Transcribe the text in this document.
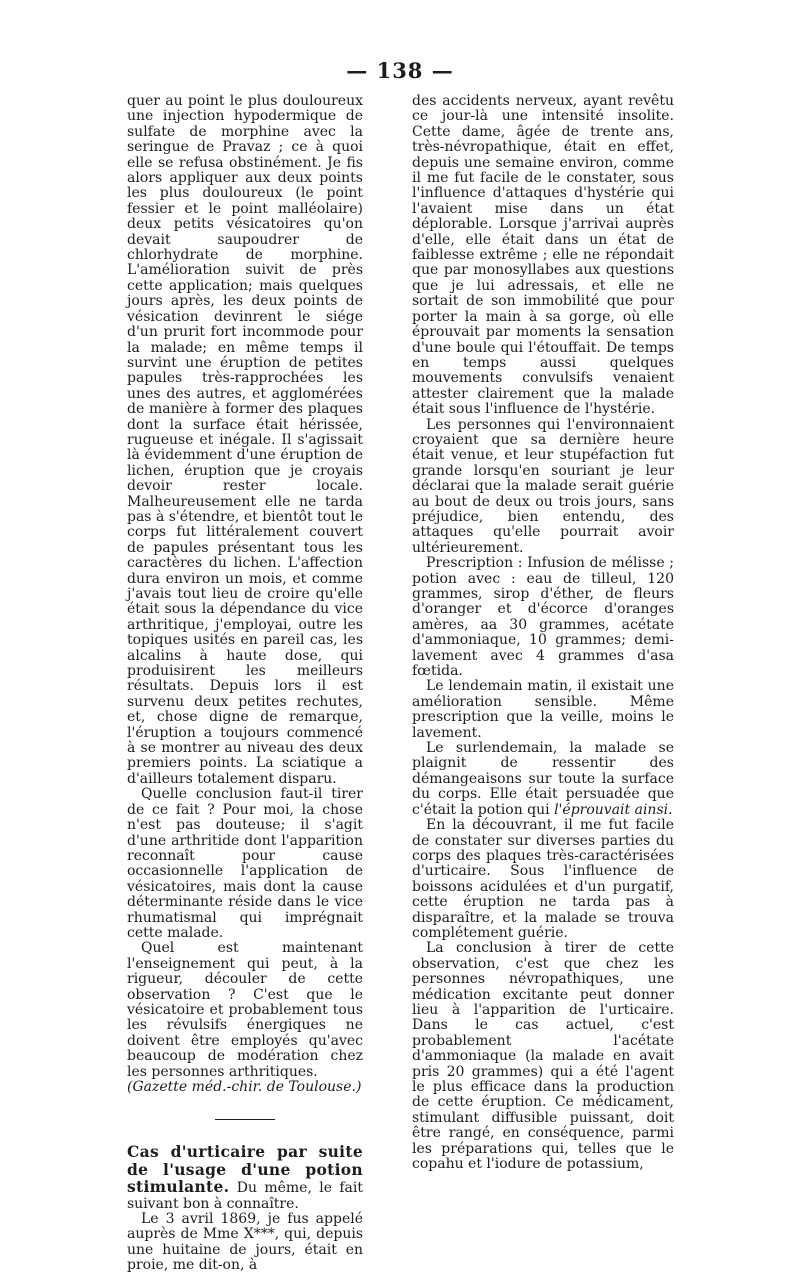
— 138 —

quer au point le plus douloureux une injection hypodermique de sulfate de morphine avec la seringue de Pravaz ; ce à quoi elle se refusa obstinément. Je fis alors appliquer aux deux points les plus douloureux (le point fessier et le point malléolaire) deux petits vésicatoires qu'on devait saupoudrer de chlorhydrate de morphine. L'amélioration suivit de près cette application; mais quelques jours après, les deux points de vésication devinrent le siége d'un prurit fort incommode pour la malade; en même temps il survint une éruption de petites papules très-rapprochées les unes des autres, et agglomérées de manière à former des plaques dont la surface était hérissée, rugueuse et inégale. Il s'agissait là évidemment d'une éruption de lichen, éruption que je croyais devoir rester locale. Malheureusement elle ne tarda pas à s'étendre, et bientôt tout le corps fut littéralement couvert de papules présentant tous les caractères du lichen. L'affection dura environ un mois, et comme j'avais tout lieu de croire qu'elle était sous la dépendance du vice arthritique, j'employai, outre les topiques usités en pareil cas, les alcalins à haute dose, qui produisirent les meilleurs résultats. Depuis lors il est survenu deux petites rechutes, et, chose digne de remarque, l'éruption a toujours commencé à se montrer au niveau des deux premiers points. La sciatique a d'ailleurs totalement disparu.

Quelle conclusion faut-il tirer de ce fait ? Pour moi, la chose n'est pas douteuse; il s'agit d'une arthritide dont l'apparition reconnaît pour cause occasionnelle l'application de vésicatoires, mais dont la cause déterminante réside dans le vice rhumatismal qui imprégnait cette malade.

Quel est maintenant l'enseignement qui peut, à la rigueur, découler de cette observation ? C'est que le vésicatoire et probablement tous les révulsifs énergiques ne doivent être employés qu'avec beaucoup de modération chez les personnes arthritiques.

(Gazette méd.-chir. de Toulouse.)

Cas d'urticaire par suite de l'usage d'une potion stimulante. Du même, le fait suivant bon à connaître.

Le 3 avril 1869, je fus appelé auprès de Mme X***, qui, depuis une huitaine de jours, était en proie, me dit-on, à

des accidents nerveux, ayant revêtu ce jour-là une intensité insolite. Cette dame, âgée de trente ans, très-névropathique, était en effet, depuis une semaine environ, comme il me fut facile de le constater, sous l'influence d'attaques d'hystérie qui l'avaient mise dans un état déplorable. Lorsque j'arrivai auprès d'elle, elle était dans un état de faiblesse extrême ; elle ne répondait que par monosyllabes aux questions que je lui adressais, et elle ne sortait de son immobilité que pour porter la main à sa gorge, où elle éprouvait par moments la sensation d'une boule qui l'étouffait. De temps en temps aussi quelques mouvements convulsifs venaient attester clairement que la malade était sous l'influence de l'hystérie.

Les personnes qui l'environnaient croyaient que sa dernière heure était venue, et leur stupéfaction fut grande lorsqu'en souriant je leur déclarai que la malade serait guérie au bout de deux ou trois jours, sans préjudice, bien entendu, des attaques qu'elle pourrait avoir ultérieurement.

Prescription : Infusion de mélisse ; potion avec : eau de tilleul, 120 grammes, sirop d'éther, de fleurs d'oranger et d'écorce d'oranges amères, aa 30 grammes, acétate d'ammoniaque, 10 grammes; demi-lavement avec 4 grammes d'asa fœtida.

Le lendemain matin, il existait une amélioration sensible. Même prescription que la veille, moins le lavement.

Le surlendemain, la malade se plaignit de ressentir des démangeaisons sur toute la surface du corps. Elle était persuadée que c'était la potion qui l'éprouvait ainsi.

En la découvrant, il me fut facile de constater sur diverses parties du corps des plaques très-caractérisées d'urticaire. Sous l'influence de boissons acidulées et d'un purgatif, cette éruption ne tarda pas à disparaître, et la malade se trouva complétement guérie.

La conclusion à tirer de cette observation, c'est que chez les personnes névropathiques, une médication excitante peut donner lieu à l'apparition de l'urticaire. Dans le cas actuel, c'est probablement l'acétate d'ammoniaque (la malade en avait pris 20 grammes) qui a été l'agent le plus efficace dans la production de cette éruption. Ce médicament, stimulant diffusible puissant, doit être rangé, en conséquence, parmi les préparations qui, telles que le copahu et l'iodure de potassium,
